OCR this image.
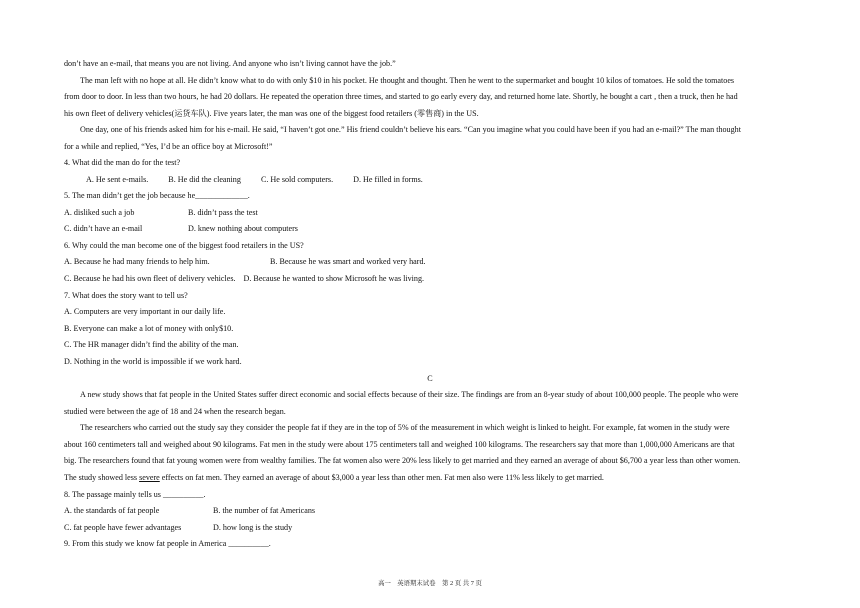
don’t have an e-mail, that means you are not living. And anyone who isn’t living cannot have the job.”
The man left with no hope at all. He didn’t know what to do with only $10 in his pocket. He thought and thought. Then he went to the supermarket and bought 10 kilos of tomatoes. He sold the tomatoes
from door to door. In less than two hours, he had 20 dollars. He repeated the operation three times, and started to go early every day, and returned home late. Shortly, he bought a cart , then a truck, then he had
his own fleet of delivery vehicles(运货车队). Five years later, the man was one of the biggest food retailers (零售商) in the US.
One day, one of his friends asked him for his e-mail. He said, “I haven’t got one.” His friend couldn’t believe his ears. “Can you imagine what you could have been if you had an e-mail?” The man thought
for a while and replied, “Yes, I’d be an office boy at Microsoft!”
4. What did the man do for the test?
A. He sent e-mails. B. He did the cleaning C. He sold computers. D. He filled in forms.
5. The man didn’t get the job because he_____________.
A. disliked such a job	B. didn’t pass the test
C. didn’t have an e-mail	D. knew nothing about computers
6. Why could the man become one of the biggest food retailers in the US?
A. Because he had many friends to help him.	B. Because he was smart and worked very hard.
C. Because he had his own fleet of delivery vehicles. D. Because he wanted to show Microsoft he was living.
7. What does the story want to tell us?
A. Computers are very important in our daily life.
B. Everyone can make a lot of money with only$10.
C. The HR manager didn’t find the ability of the man.
D. Nothing in the world is impossible if we work hard.
C
A new study shows that fat people in the United States suffer direct economic and social effects because of their size. The findings are from an 8-year study of about 100,000 people. The people who were
studied were between the age of 18 and 24 when the research began.
The researchers who carried out the study say they consider the people fat if they are in the top of 5% of the measurement in which weight is linked to height. For example, fat women in the study were
about 160 centimeters tall and weighed about 90 kilograms. Fat men in the study were about 175 centimeters tall and weighed 100 kilograms. The researchers say that more than 1,000,000 Americans are that
big. The researchers found that fat young women were from wealthy families. The fat women also were 20% less likely to get married and they earned an average of about $6,700 a year less than other women.
The study showed less severe effects on fat men. They earned an average of about $3,000 a year less than other men. Fat men also were 11% less likely to get married.
8. The passage mainly tells us __________.
A. the standards of fat people	B. the number of fat Americans
C. fat people have fewer advantages	D. how long is the study
9. From this study we know fat people in America __________.
高一　英语期末试卷　第 2 页 共 7 页
